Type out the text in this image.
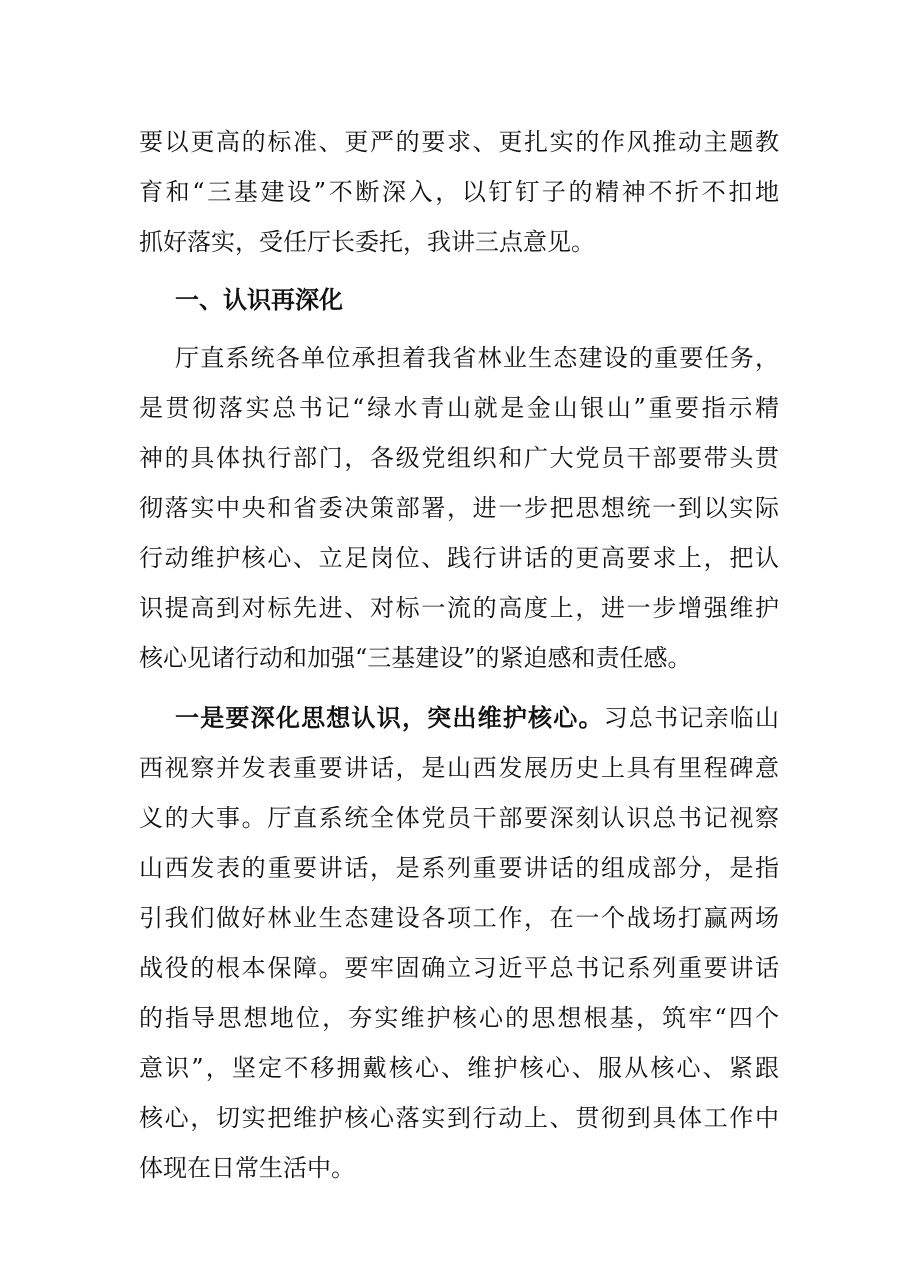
要以更高的标准、更严的要求、更扎实的作风推动主题教
育和“三基建设”不断深入，以钉钉子的精神不折不扣地
抓好落实，受任厅长委托，我讲三点意见。
一、认识再深化
厅直系统各单位承担着我省林业生态建设的重要任务，
是贯彻落实总书记“绿水青山就是金山银山”重要指示精
神的具体执行部门，各级党组织和广大党员干部要带头贯
彻落实中央和省委决策部署，进一步把思想统一到以实际
行动维护核心、立足岗位、践行讲话的更高要求上，把认
识提高到对标先进、对标一流的高度上，进一步增强维护
核心见诸行动和加强“三基建设”的紧迫感和责任感。
一是要深化思想认识，突出维护核心。习总书记亲临山
西视察并发表重要讲话，是山西发展历史上具有里程碑意
义的大事。厅直系统全体党员干部要深刻认识总书记视察
山西发表的重要讲话，是系列重要讲话的组成部分，是指
引我们做好林业生态建设各项工作，在一个战场打赢两场
战役的根本保障。要牢固确立习近平总书记系列重要讲话
的指导思想地位，夯实维护核心的思想根基，筑牢“四个
意识”，坚定不移拥戴核心、维护核心、服从核心、紧跟
核心，切实把维护核心落实到行动上、贯彻到具体工作中
体现在日常生活中。
